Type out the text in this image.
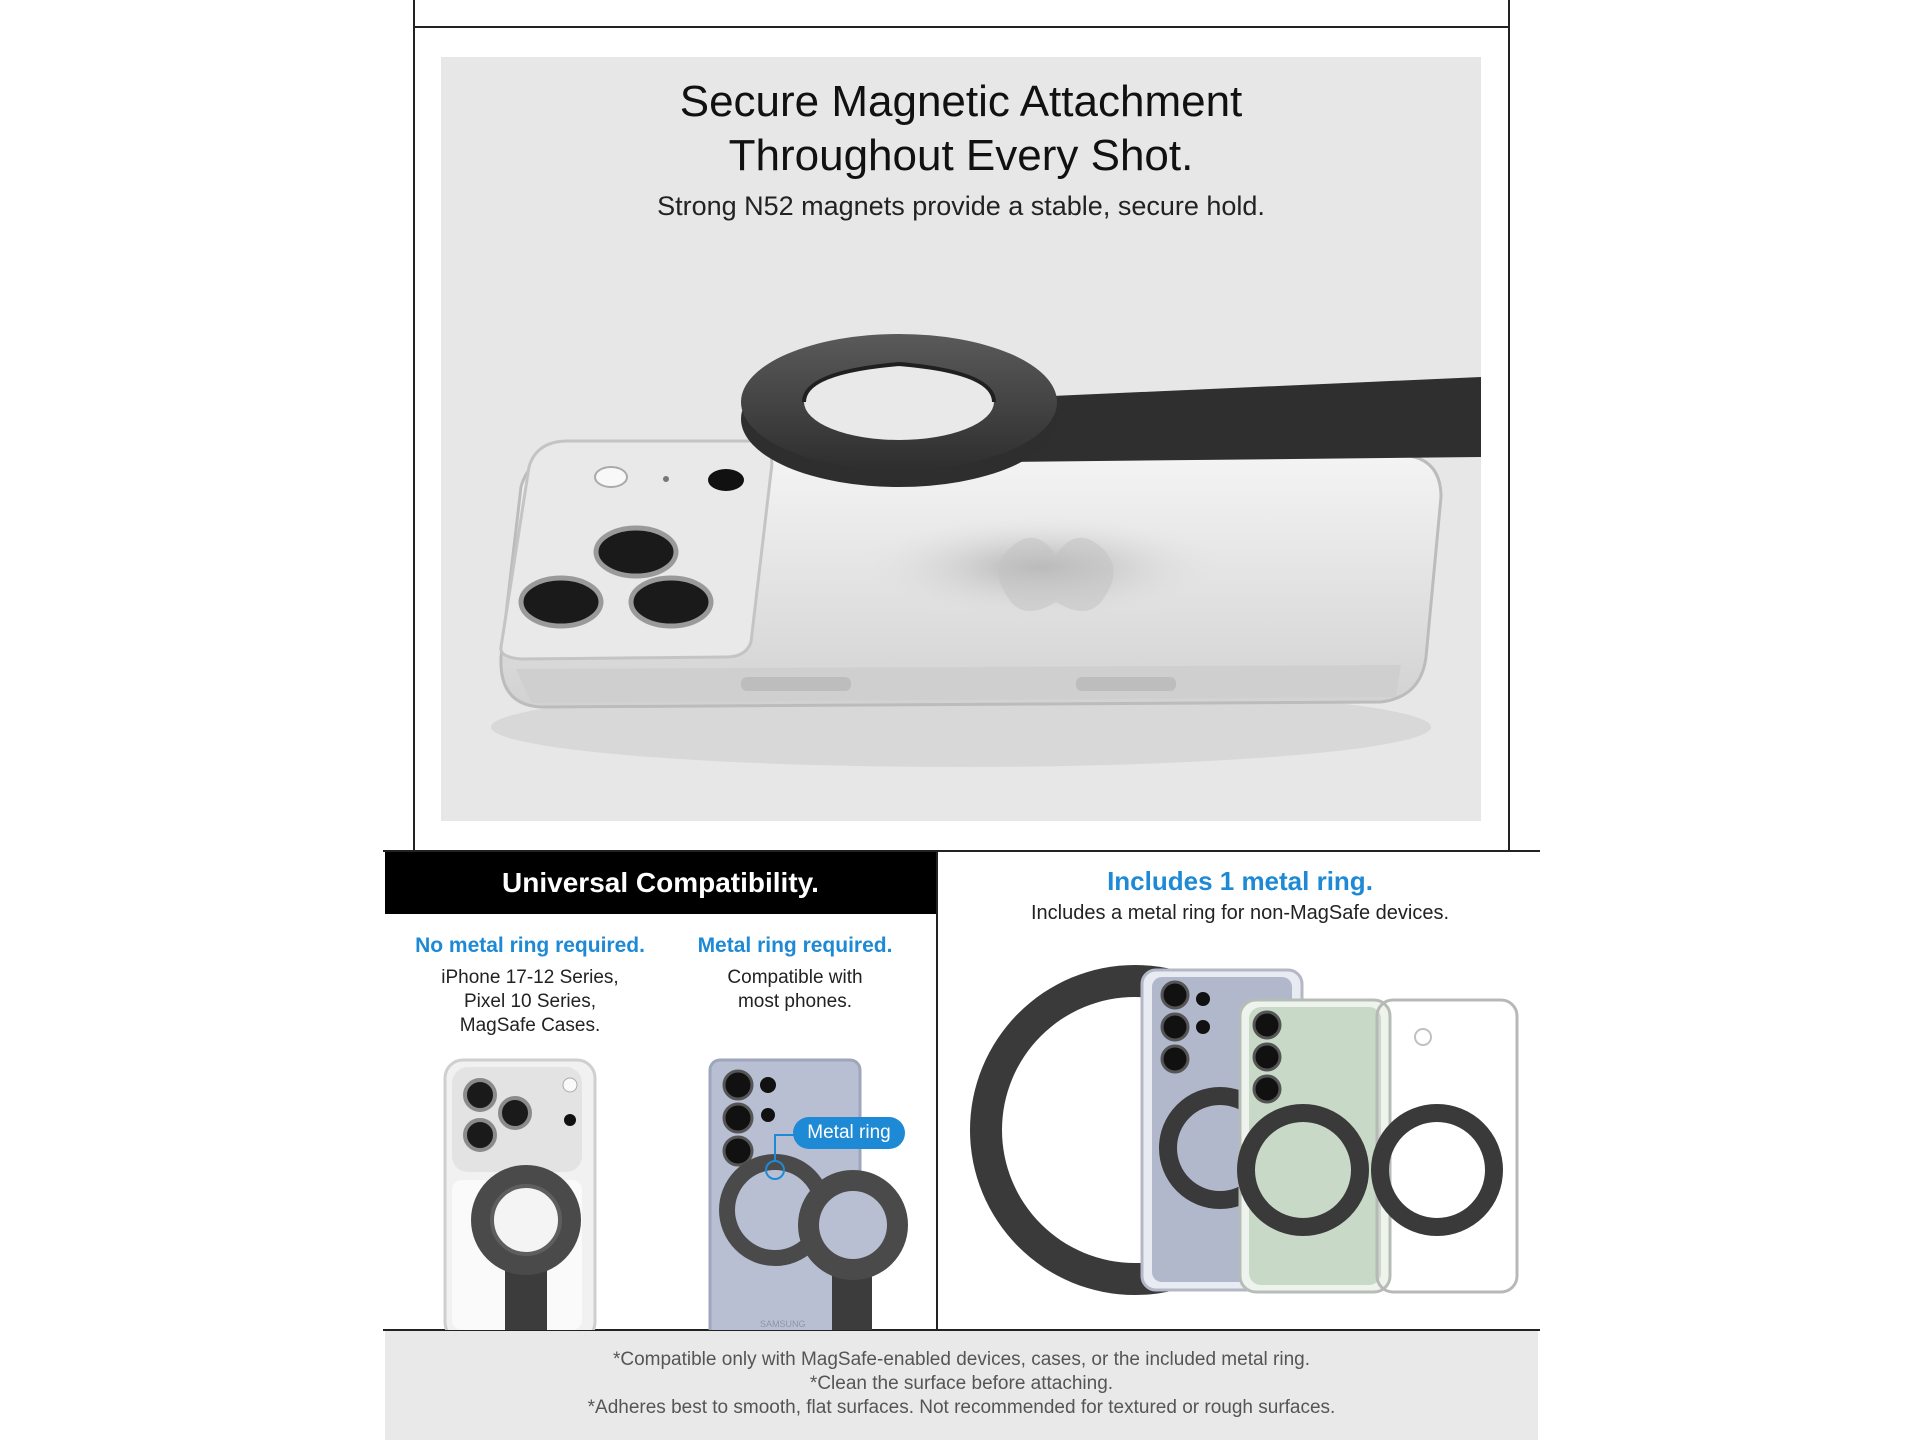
Secure Magnetic Attachment
Throughout Every Shot.
Strong N52 magnets provide a stable, secure hold.
Universal Compatibility.
No metal ring required.
iPhone 17-12 Series,
Pixel 10 Series,
MagSafe Cases.
Metal ring required.
Compatible with
most phones.
SAMSUNG
Metal ring
Includes 1 metal ring.
Includes a metal ring for non-MagSafe devices.
*Compatible only with MagSafe-enabled devices, cases, or the included metal ring.
*Clean the surface before attaching.
*Adheres best to smooth, flat surfaces. Not recommended for textured or rough surfaces.
